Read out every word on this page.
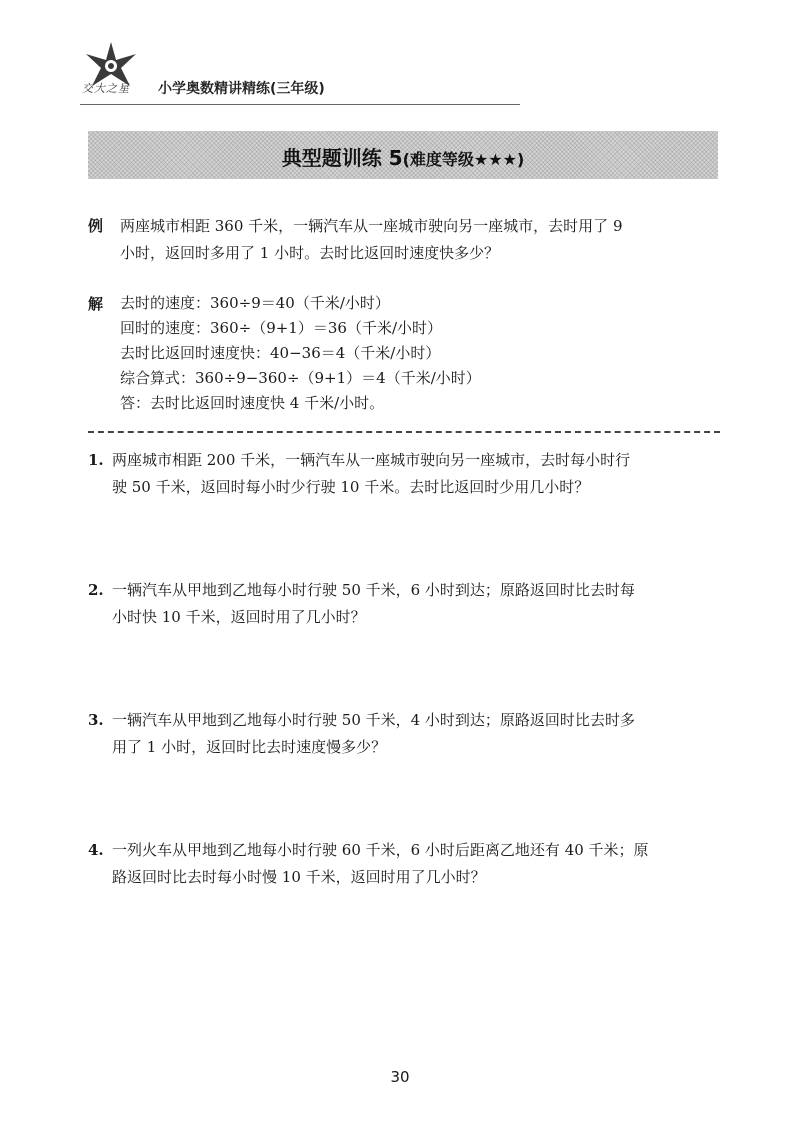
交大之星 小学奥数精讲精练(三年级)
典型题训练 5(难度等级★★★)
例 两座城市相距 360 千米，一辆汽车从一座城市驶向另一座城市，去时用了 9
小时，返回时多用了 1 小时。去时比返回时速度快多少？
解 去时的速度：360÷9＝40（千米/小时）
回时的速度：360÷（9+1）＝36（千米/小时）
去时比返回时速度快：40−36＝4（千米/小时）
综合算式：360÷9−360÷（9+1）＝4（千米/小时）
答：去时比返回时速度快 4 千米/小时。
1. 两座城市相距 200 千米，一辆汽车从一座城市驶向另一座城市，去时每小时行
驶 50 千米，返回时每小时少行驶 10 千米。去时比返回时少用几小时？
2. 一辆汽车从甲地到乙地每小时行驶 50 千米，6 小时到达；原路返回时比去时每
小时快 10 千米，返回时用了几小时？
3. 一辆汽车从甲地到乙地每小时行驶 50 千米，4 小时到达；原路返回时比去时多
用了 1 小时，返回时比去时速度慢多少？
4. 一列火车从甲地到乙地每小时行驶 60 千米，6 小时后距离乙地还有 40 千米；原
路返回时比去时每小时慢 10 千米，返回时用了几小时？
30
